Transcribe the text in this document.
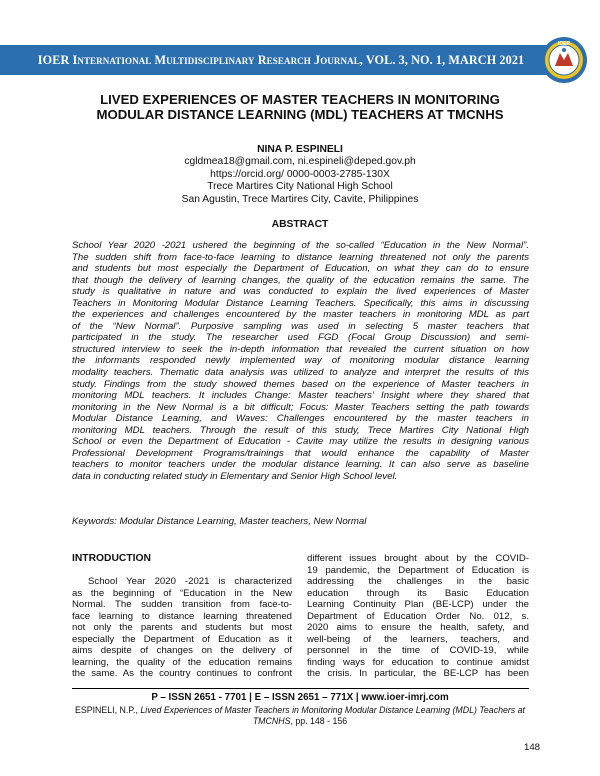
IOER International Multidisciplinary Research Journal, VOL. 3, NO. 1, MARCH 2021
IOER
LIVED EXPERIENCES OF MASTER TEACHERS IN MONITORING
MODULAR DISTANCE LEARNING (MDL) TEACHERS AT TMCNHS
NINA P. ESPINELI
cgldmea18@gmail.com, ni.espineli@deped.gov.ph
https://orcid.org/ 0000-0003-2785-130X
Trece Martires City National High School
San Agustin, Trece Martires City, Cavite, Philippines
ABSTRACT
School Year 2020 -2021 ushered the beginning of the so-called “Education in the New Normal”.
The sudden shift from face-to-face learning to distance learning threatened not only the parents
and students but most especially the Department of Education, on what they can do to ensure
that though the delivery of learning changes, the quality of the education remains the same. The
study is qualitative in nature and was conducted to explain the lived experiences of Master
Teachers in Monitoring Modular Distance Learning Teachers. Specifically, this aims in discussing
the experiences and challenges encountered by the master teachers in monitoring MDL as part
of the “New Normal”. Purposive sampling was used in selecting 5 master teachers that
participated in the study. The researcher used FGD (Focal Group Discussion) and semi-
structured interview to seek the in-depth information that revealed the current situation on how
the informants responded newly implemented way of monitoring modular distance learning
modality teachers. Thematic data analysis was utilized to analyze and interpret the results of this
study. Findings from the study showed themes based on the experience of Master teachers in
monitoring MDL teachers. It includes Change: Master teachers’ Insight where they shared that
monitoring in the New Normal is a bit difficult; Focus: Master Teachers setting the path towards
Modular Distance Learning, and Waves: Challenges encountered by the master teachers in
monitoring MDL teachers. Through the result of this study, Trece Martires City National High
School or even the Department of Education - Cavite may utilize the results in designing various
Professional Development Programs/trainings that would enhance the capability of Master
teachers to monitor teachers under the modular distance learning. It can also serve as baseline
data in conducting related study in Elementary and Senior High School level.
Keywords: Modular Distance Learning, Master teachers, New Normal
INTRODUCTION
School Year 2020 -2021 is characterized
as the beginning of “Education in the New
Normal. The sudden transition from face-to-
face learning to distance learning threatened
not only the parents and students but most
especially the Department of Education as it
aims despite of changes on the delivery of
learning, the quality of the education remains
the same. As the country continues to confront
different issues brought about by the COVID-
19 pandemic, the Department of Education is
addressing the challenges in the basic
education through its Basic Education
Learning Continuity Plan (BE-LCP) under the
Department of Education Order No. 012, s.
2020 aims to ensure the health, safety, and
well-being of the learners, teachers, and
personnel in the time of COVID-19, while
finding ways for education to continue amidst
the crisis. In particular, the BE-LCP has been
P – ISSN 2651 - 7701 | E – ISSN 2651 – 771X | www.ioer-imrj.com
ESPINELI, N.P., Lived Experiences of Master Teachers in Monitoring Modular Distance Learning (MDL) Teachers at TMCNHS, pp. 148 - 156
148
